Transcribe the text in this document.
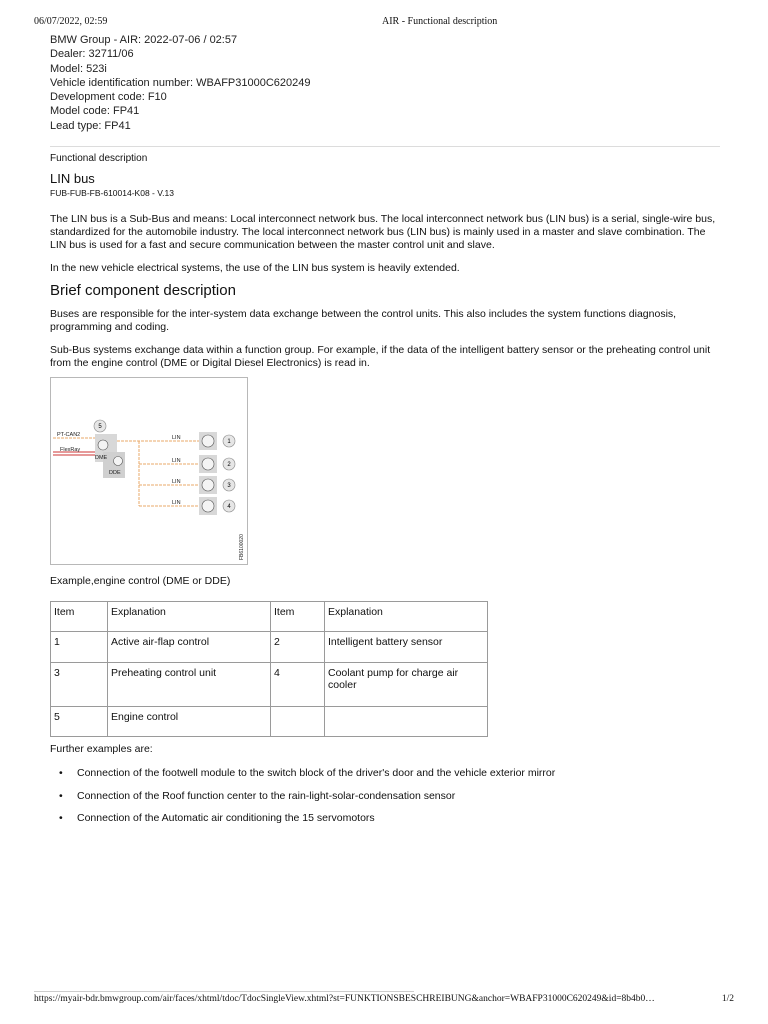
06/07/2022, 02:59	AIR - Functional description
BMW Group - AIR: 2022-07-06 / 02:57
Dealer: 32711/06
Model: 523i
Vehicle identification number: WBAFP31000C620249
Development code: F10
Model code: FP41
Lead type: FP41
Functional description
LIN bus
FUB-FUB-FB-610014-K08 - V.13

The LIN bus is a Sub-Bus and means: Local interconnect network bus. The local interconnect network bus (LIN bus) is a serial, single-wire bus, standardized for the automobile industry. The local interconnect network bus (LIN bus) is mainly used in a master and slave combination. The LIN bus is used for a fast and secure communication between the master control unit and slave.

In the new vehicle electrical systems, the use of the LIN bus system is heavily extended.

Brief component description

Buses are responsible for the inter-system data exchange between the control units. This also includes the system functions diagnosis, programming and coding.

Sub-Bus systems exchange data within a function group. For example, if the data of the intelligent battery sensor or the preheating control unit from the engine control (DME or Digital Diesel Electronics) is read in.

5
1
2
3
4
PT-CAN2
FlexRay
DME
DDE
LIN
LIN
LIN
LIN
FB6100020
Example,engine control (DME or DDE)
Item	Explanation	Item	Explanation
1	Active air-flap control	2	Intelligent battery sensor
3	Preheating control unit	4	Coolant pump for charge air cooler
5	Engine control		
Further examples are:
• Connection of the footwell module to the switch block of the driver's door and the vehicle exterior mirror
• Connection of the Roof function center to the rain-light-solar-condensation sensor
• Connection of the Automatic air conditioning the 15 servomotors
https://myair-bdr.bmwgroup.com/air/faces/xhtml/tdoc/TdocSingleView.xhtml?st=FUNKTIONSBESCHREIBUNG&anchor=WBAFP31000C620249&id=8b4b0…	1/2
